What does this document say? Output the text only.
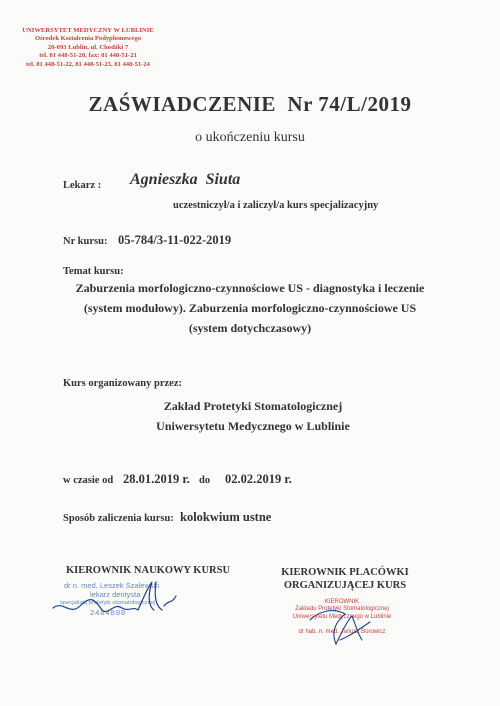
UNIWERSYTET MEDYCZNY W LUBLINIE
Ośrodek Kształcenia Podyplomowego
20-093 Lublin, ul. Chodźki 7
tel. 81 448-51-20, fax: 81 448-51-21
tel. 81 448-51-22, 81 448-51-23, 81 448-51-24
ZAŚWIADCZENIE  Nr 74/L/2019
o ukończeniu kursu
Lekarz : Agnieszka  Siuta
uczestniczył/a i zaliczył/a kurs specjalizacyjny
Nr kursu: 05-784/3-11-022-2019
Temat kursu:
Zaburzenia morfologiczno-czynnościowe US - diagnostyka i leczenie
(system modułowy). Zaburzenia morfologiczno-czynnościowe US
(system dotychczasowy)
Kurs organizowany przez:
Zakład Protetyki Stomatologicznej
Uniwersytetu Medycznego w Lublinie
w czasie od 28.01.2019 r. do 02.02.2019 r.
Sposób zaliczenia kursu: kolokwium ustne
KIEROWNIK NAUKOWY KURSU
dr n. med. Leszek Szalewski
lekarz dentysta
specjalista protetyki stomatologicznej
2484888
KIEROWNIK PLACÓWKI
ORGANIZUJĄCEJ KURS
KIEROWNIK
Zakładu Protetyki Stomatologicznej
Uniwersytetu Medycznego w Lublinie
dr hab. n. med. Janusz Borowicz
